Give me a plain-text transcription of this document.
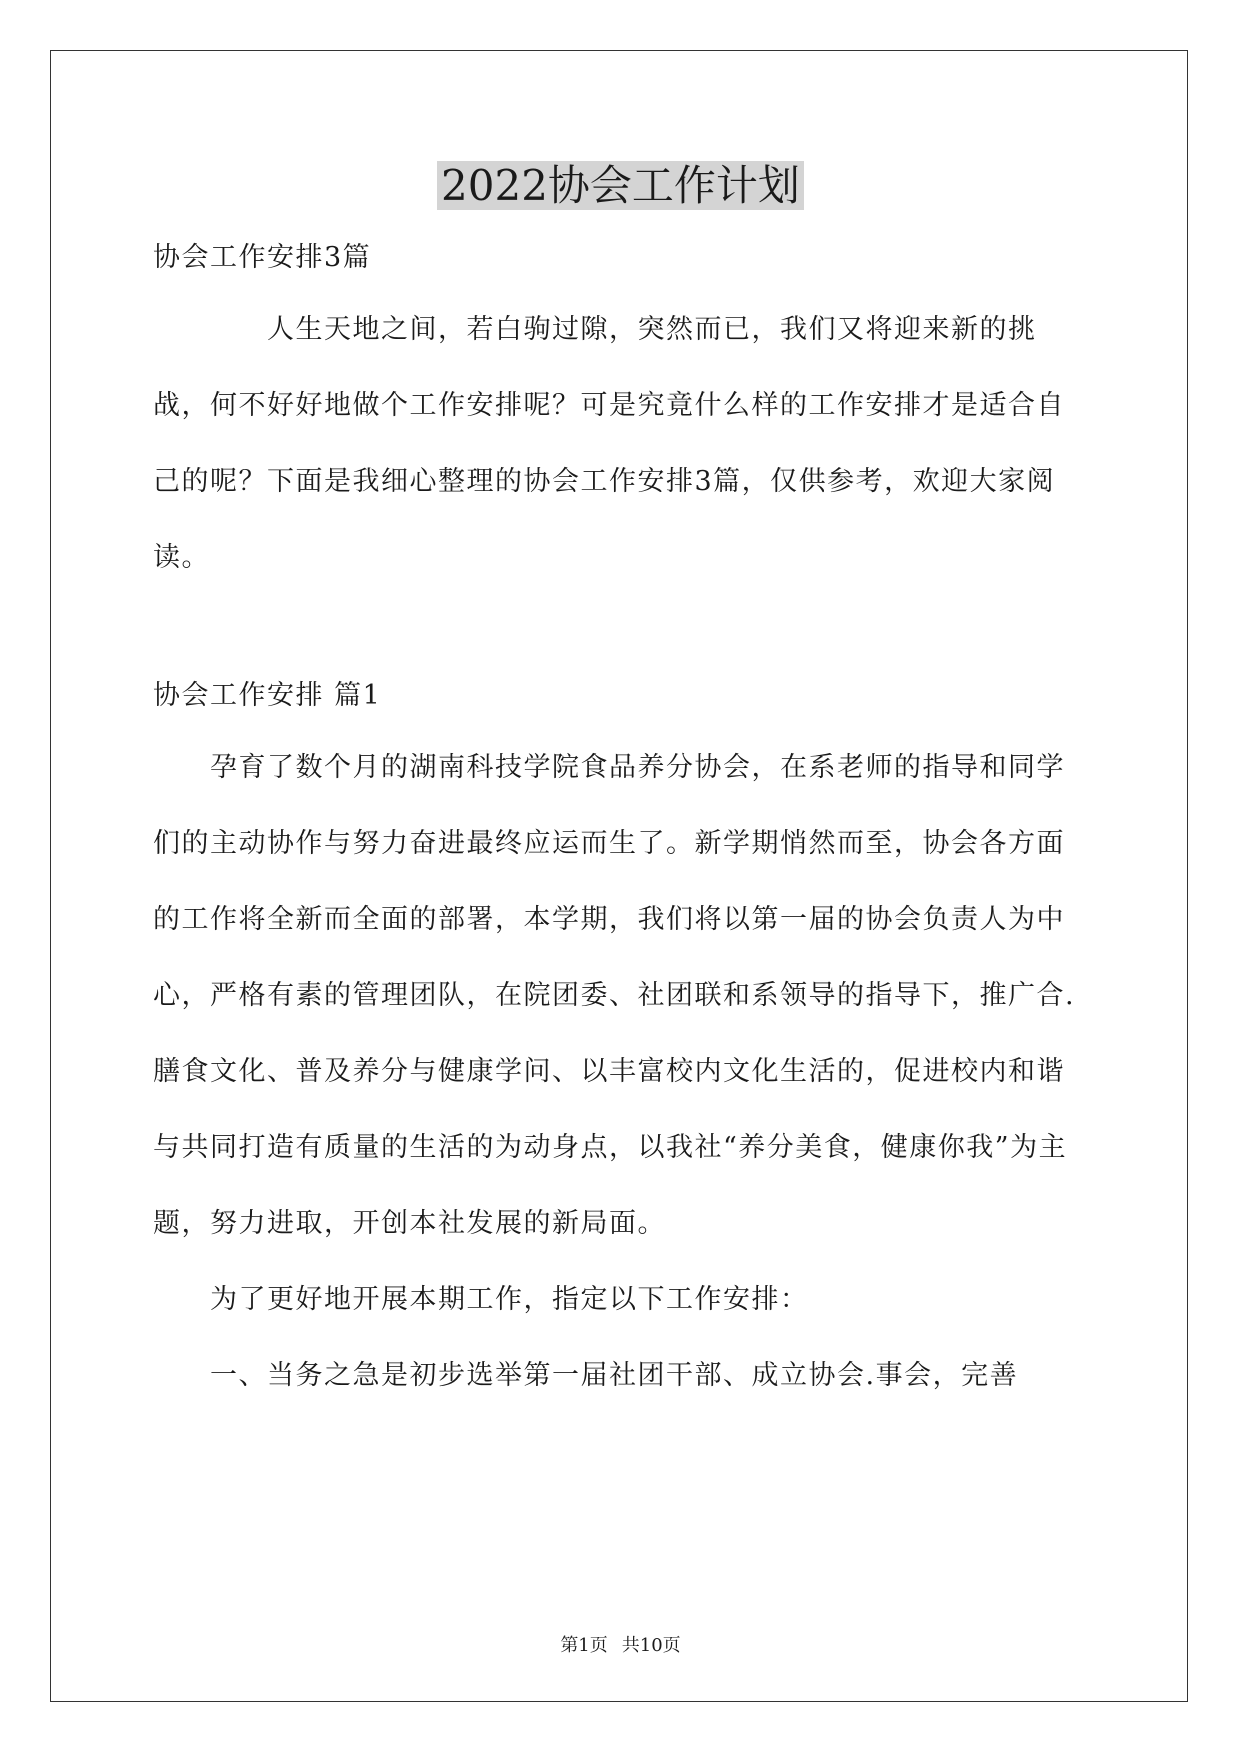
2022协会工作计划
协会工作安排3篇

　　　　人生天地之间，若白驹过隙，突然而已，我们又将迎来新的挑战，何不好好地做个工作安排呢？可是究竟什么样的工作安排才是适合自己的呢？下面是我细心整理的协会工作安排3篇，仅供参考，欢迎大家阅读。

协会工作安排 篇1

　　孕育了数个月的湖南科技学院食品养分协会，在系老师的指导和同学们的主动协作与努力奋进最终应运而生了。新学期悄然而至，协会各方面的工作将全新而全面的部署，本学期，我们将以第一届的协会负责人为中心，严格有素的管理团队，在院团委、社团联和系领导的指导下，推广合.膳食文化、普及养分与健康学问、以丰富校内文化生活的，促进校内和谐与共同打造有质量的生活的为动身点，以我社“养分美食，健康你我”为主题，努力进取，开创本社发展的新局面。

　　为了更好地开展本期工作，指定以下工作安排：

　　一、当务之急是初步选举第一届社团干部、成立协会.事会，完善

第1页 共10页
